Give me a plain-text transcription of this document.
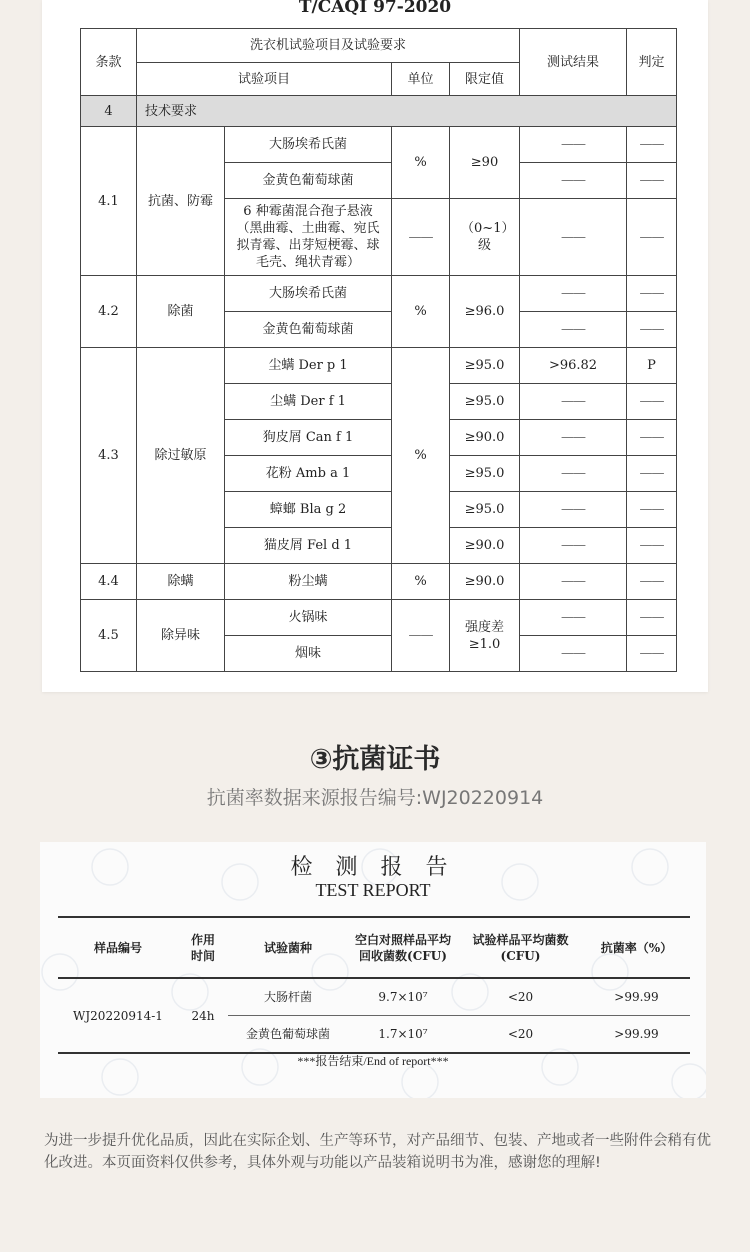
T/CAQI 97-2020
条款	洗衣机试验项目及试验要求				测试结果	判定
	试验项目		单位	限定值		
4	技术要求					
4.1	抗菌、防霉	大肠埃希氏菌	%	≥90	——	——
		金黄色葡萄球菌			——	——
		6 种霉菌混合孢子悬液（黑曲霉、土曲霉、宛氏拟青霉、出芽短梗霉、球毛壳、绳状青霉）	——	（0~1）级	——	——
4.2	除菌	大肠埃希氏菌	%	≥96.0	——	——
		金黄色葡萄球菌			——	——
4.3	除过敏原	尘螨 Der p 1	%	≥95.0	>96.82	P
		尘螨 Der f 1		≥95.0	——	——
		狗皮屑 Can f 1		≥90.0	——	——
		花粉 Amb a 1		≥95.0	——	——
		蟑螂 Bla g 2		≥95.0	——	——
		猫皮屑 Fel d 1		≥90.0	——	——
4.4	除螨	粉尘螨	%	≥90.0	——	——
4.5	除异味	火锅味	——	强度差≥1.0	——	——
		烟味			——	——
③抗菌证书
抗菌率数据来源报告编号:WJ20220914
检 测 报 告
TEST REPORT
样品编号	作用时间	试验菌种	空白对照样品平均回收菌数(CFU)	试验样品平均菌数(CFU)	抗菌率（%）
WJ20220914-1	24h	大肠杆菌	9.7×10⁷	<20	>99.99
		金黄色葡萄球菌	1.7×10⁷	<20	>99.99
***报告结束/End of report***
为进一步提升优化品质，因此在实际企划、生产等环节，对产品细节、包装、产地或者一些附件会稍有优化改进。本页面资料仅供参考，具体外观与功能以产品装箱说明书为准，感谢您的理解!
